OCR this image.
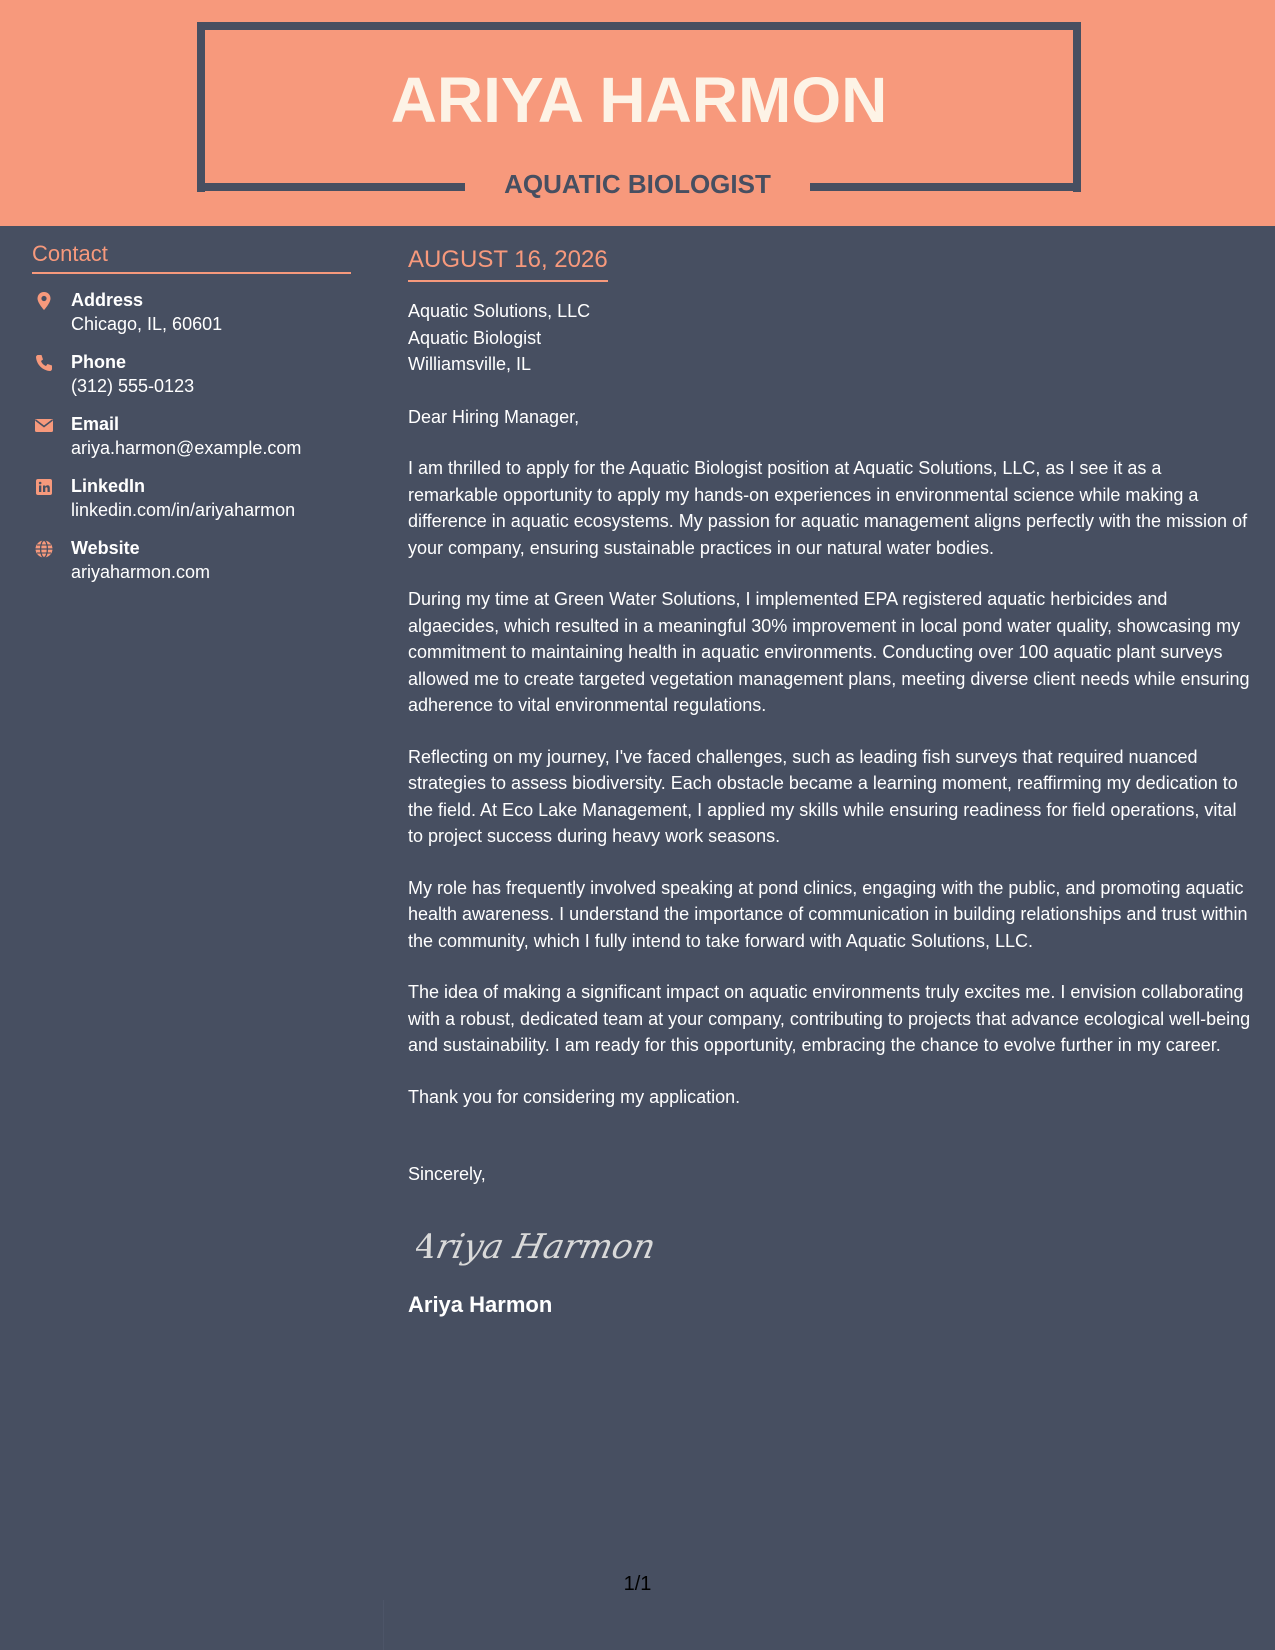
ARIYA HARMON
AQUATIC BIOLOGIST
Contact
Address
Chicago, IL, 60601
Phone
(312) 555-0123
Email
ariya.harmon@example.com
LinkedIn
linkedin.com/in/ariyaharmon
Website
ariyaharmon.com
AUGUST 16, 2026
Aquatic Solutions, LLC
Aquatic Biologist
Williamsville, IL
Dear Hiring Manager,
I am thrilled to apply for the Aquatic Biologist position at Aquatic Solutions, LLC, as I see it as a remarkable opportunity to apply my hands-on experiences in environmental science while making a difference in aquatic ecosystems. My passion for aquatic management aligns perfectly with the mission of your company, ensuring sustainable practices in our natural water bodies.
During my time at Green Water Solutions, I implemented EPA registered aquatic herbicides and algaecides, which resulted in a meaningful 30% improvement in local pond water quality, showcasing my commitment to maintaining health in aquatic environments. Conducting over 100 aquatic plant surveys allowed me to create targeted vegetation management plans, meeting diverse client needs while ensuring adherence to vital environmental regulations.
Reflecting on my journey, I've faced challenges, such as leading fish surveys that required nuanced strategies to assess biodiversity. Each obstacle became a learning moment, reaffirming my dedication to the field. At Eco Lake Management, I applied my skills while ensuring readiness for field operations, vital to project success during heavy work seasons.
My role has frequently involved speaking at pond clinics, engaging with the public, and promoting aquatic health awareness. I understand the importance of communication in building relationships and trust within the community, which I fully intend to take forward with Aquatic Solutions, LLC.
The idea of making a significant impact on aquatic environments truly excites me. I envision collaborating with a robust, dedicated team at your company, contributing to projects that advance ecological well-being and sustainability. I am ready for this opportunity, embracing the chance to evolve further in my career.
Thank you for considering my application.
Sincerely,
Ariya Harmon
Ariya Harmon
1/1
